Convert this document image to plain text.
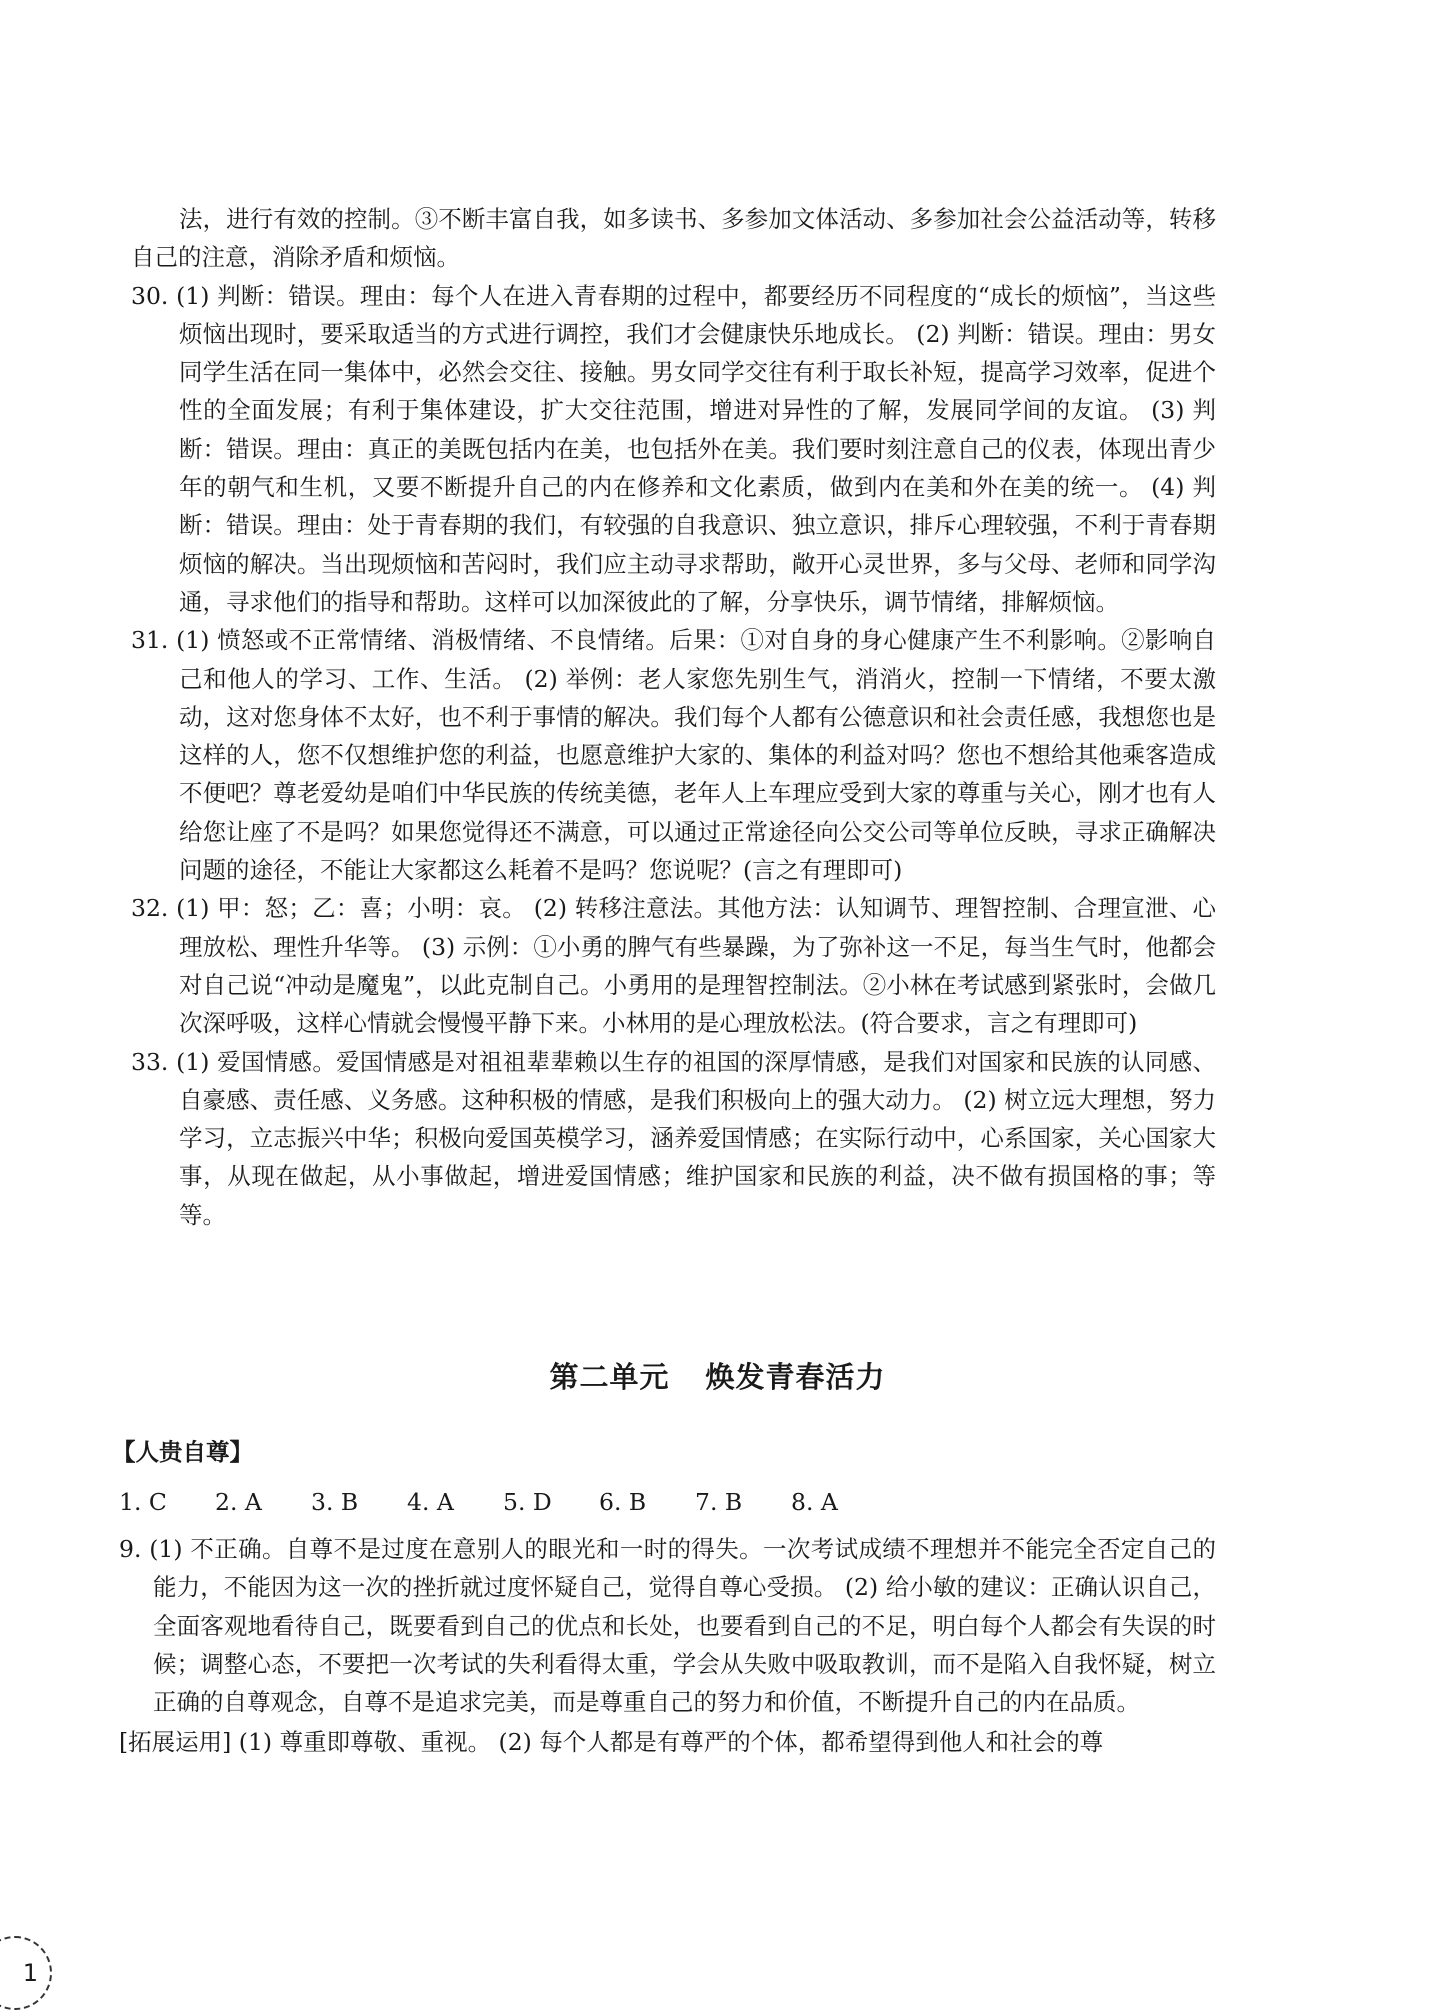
法，进行有效的控制。③不断丰富自我，如多读书、多参加文体活动、多参加社会公益活动等，转移自己的注意，消除矛盾和烦恼。

30. (1) 判断：错误。理由：每个人在进入青春期的过程中，都要经历不同程度的“成长的烦恼”，当这些烦恼出现时，要采取适当的方式进行调控，我们才会健康快乐地成长。 (2) 判断：错误。理由：男女同学生活在同一集体中，必然会交往、接触。男女同学交往有利于取长补短，提高学习效率，促进个性的全面发展；有利于集体建设，扩大交往范围，增进对异性的了解，发展同学间的友谊。 (3) 判断：错误。理由：真正的美既包括内在美，也包括外在美。我们要时刻注意自己的仪表，体现出青少年的朝气和生机，又要不断提升自己的内在修养和文化素质，做到内在美和外在美的统一。 (4) 判断：错误。理由：处于青春期的我们，有较强的自我意识、独立意识，排斥心理较强，不利于青春期烦恼的解决。当出现烦恼和苦闷时，我们应主动寻求帮助，敞开心灵世界，多与父母、老师和同学沟通，寻求他们的指导和帮助。这样可以加深彼此的了解，分享快乐，调节情绪，排解烦恼。

31. (1) 愤怒或不正常情绪、消极情绪、不良情绪。后果：①对自身的身心健康产生不利影响。②影响自己和他人的学习、工作、生活。 (2) 举例：老人家您先别生气，消消火，控制一下情绪，不要太激动，这对您身体不太好，也不利于事情的解决。我们每个人都有公德意识和社会责任感，我想您也是这样的人，您不仅想维护您的利益，也愿意维护大家的、集体的利益对吗？您也不想给其他乘客造成不便吧？尊老爱幼是咱们中华民族的传统美德，老年人上车理应受到大家的尊重与关心，刚才也有人给您让座了不是吗？如果您觉得还不满意，可以通过正常途径向公交公司等单位反映，寻求正确解决问题的途径，不能让大家都这么耗着不是吗？您说呢？(言之有理即可)

32. (1) 甲：怒；乙：喜；小明：哀。 (2) 转移注意法。其他方法：认知调节、理智控制、合理宣泄、心理放松、理性升华等。 (3) 示例：①小勇的脾气有些暴躁，为了弥补这一不足，每当生气时，他都会对自己说“冲动是魔鬼”，以此克制自己。小勇用的是理智控制法。②小林在考试感到紧张时，会做几次深呼吸，这样心情就会慢慢平静下来。小林用的是心理放松法。(符合要求，言之有理即可)

33. (1) 爱国情感。爱国情感是对祖祖辈辈赖以生存的祖国的深厚情感，是我们对国家和民族的认同感、自豪感、责任感、义务感。这种积极的情感，是我们积极向上的强大动力。 (2) 树立远大理想，努力学习，立志振兴中华；积极向爱国英模学习，涵养爱国情感；在实际行动中，心系国家，关心国家大事，从现在做起，从小事做起，增进爱国情感；维护国家和民族的利益，决不做有损国格的事；等等。

第二单元 焕发青春活力
【人贵自尊】
1. C	2. A	3. B	4. A	5. D	6. B	7. B	8. A

9. (1) 不正确。自尊不是过度在意别人的眼光和一时的得失。一次考试成绩不理想并不能完全否定自己的能力，不能因为这一次的挫折就过度怀疑自己，觉得自尊心受损。 (2) 给小敏的建议：正确认识自己，全面客观地看待自己，既要看到自己的优点和长处，也要看到自己的不足，明白每个人都会有失误的时候；调整心态，不要把一次考试的失利看得太重，学会从失败中吸取教训，而不是陷入自我怀疑，树立正确的自尊观念，自尊不是追求完美，而是尊重自己的努力和价值，不断提升自己的内在品质。

[拓展运用] (1) 尊重即尊敬、重视。 (2) 每个人都是有尊严的个体，都希望得到他人和社会的尊

1
